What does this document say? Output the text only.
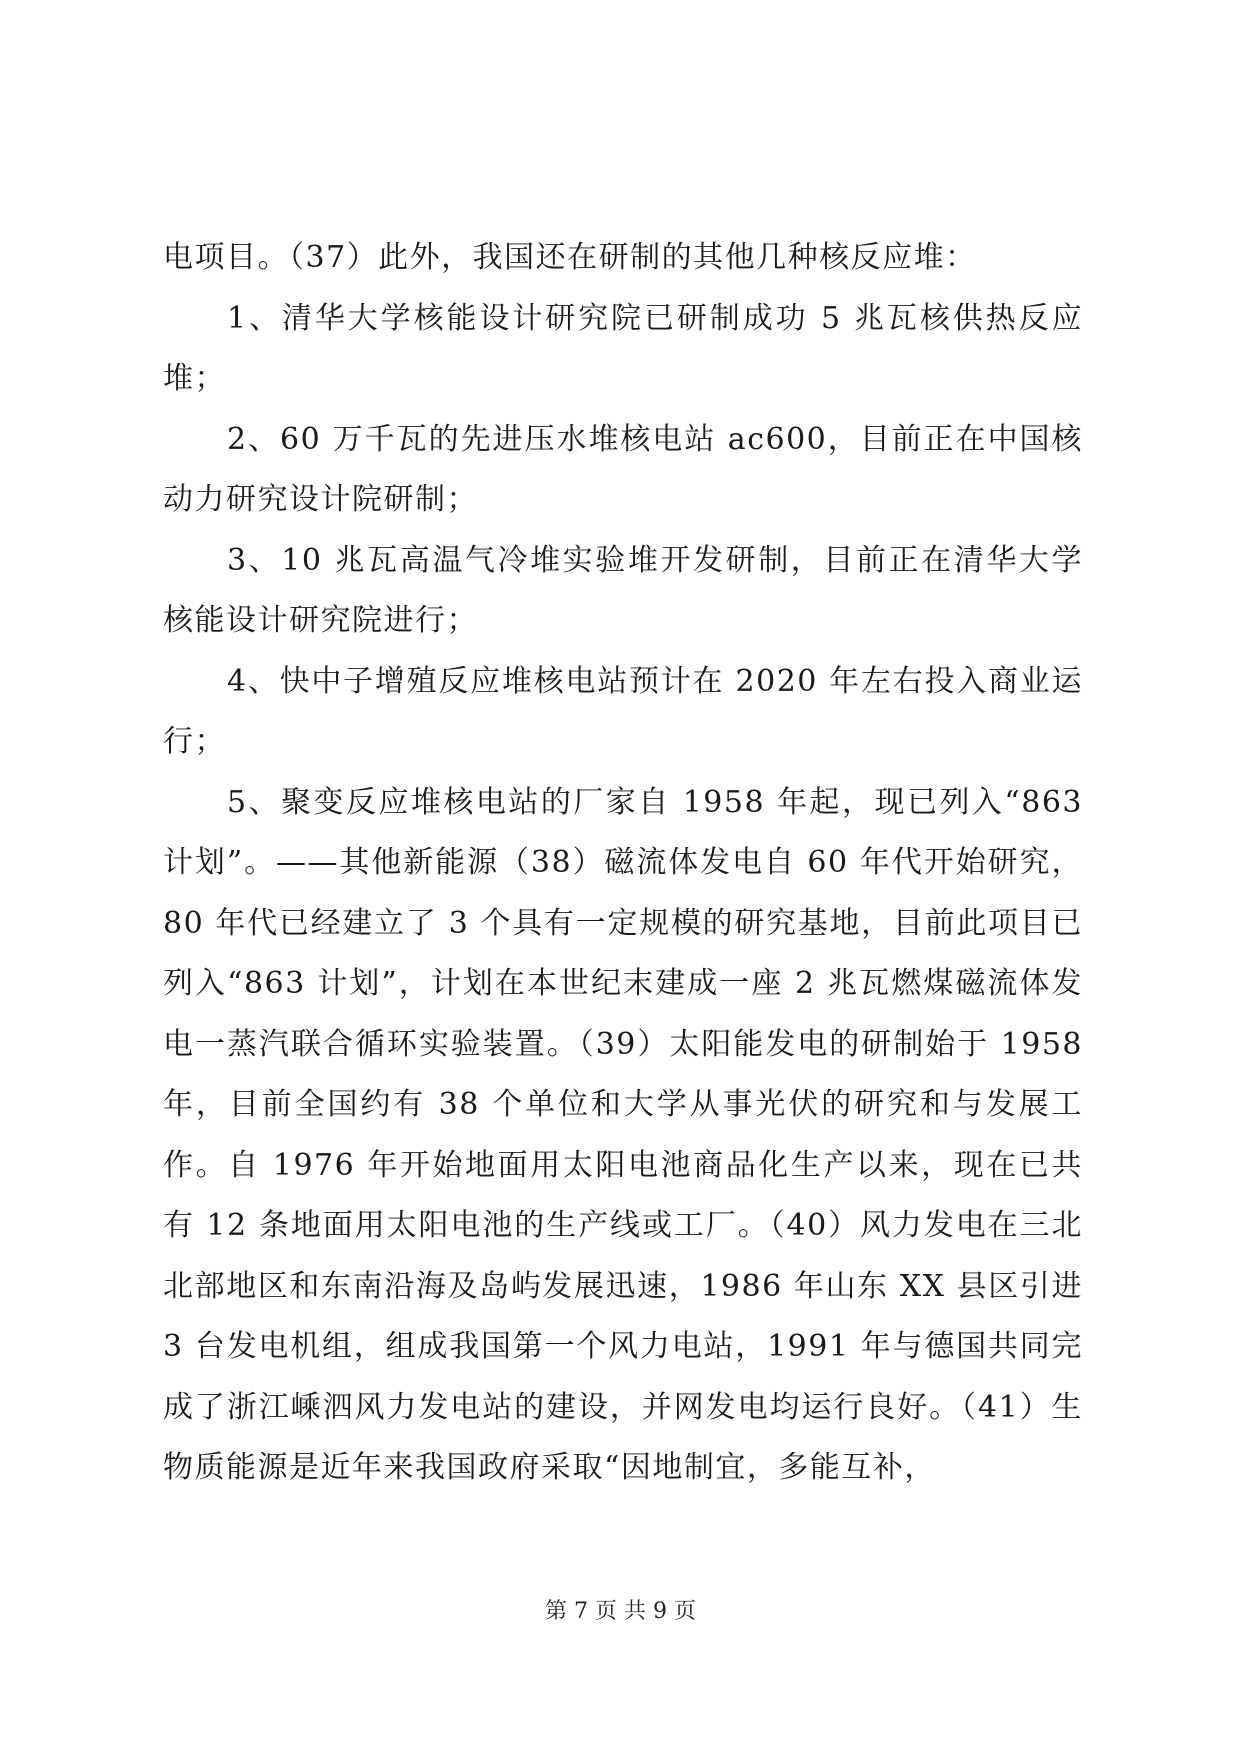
电项目。（37）此外，我国还在研制的其他几种核反应堆：

1、清华大学核能设计研究院已研制成功 5 兆瓦核供热反应堆；

2、60 万千瓦的先进压水堆核电站 ac600，目前正在中国核动力研究设计院研制；

3、10 兆瓦高温气冷堆实验堆开发研制，目前正在清华大学核能设计研究院进行；

4、快中子增殖反应堆核电站预计在 2020 年左右投入商业运行；

5、聚变反应堆核电站的厂家自 1958 年起，现已列入“863 计划”。——其他新能源（38）磁流体发电自 60 年代开始研究，80 年代已经建立了 3 个具有一定规模的研究基地，目前此项目已列入“863 计划”，计划在本世纪末建成一座 2 兆瓦燃煤磁流体发电一蒸汽联合循环实验装置。（39）太阳能发电的研制始于 1958 年，目前全国约有 38 个单位和大学从事光伏的研究和与发展工作。自 1976 年开始地面用太阳电池商品化生产以来，现在已共有 12 条地面用太阳电池的生产线或工厂。（40）风力发电在三北北部地区和东南沿海及岛屿发展迅速，1986 年山东 XX 县区引进 3 台发电机组，组成我国第一个风力电站，1991 年与德国共同完成了浙江嵊泗风力发电站的建设，并网发电均运行良好。（41）生物质能源是近年来我国政府采取“因地制宜，多能互补，

第 7 页 共 9 页
